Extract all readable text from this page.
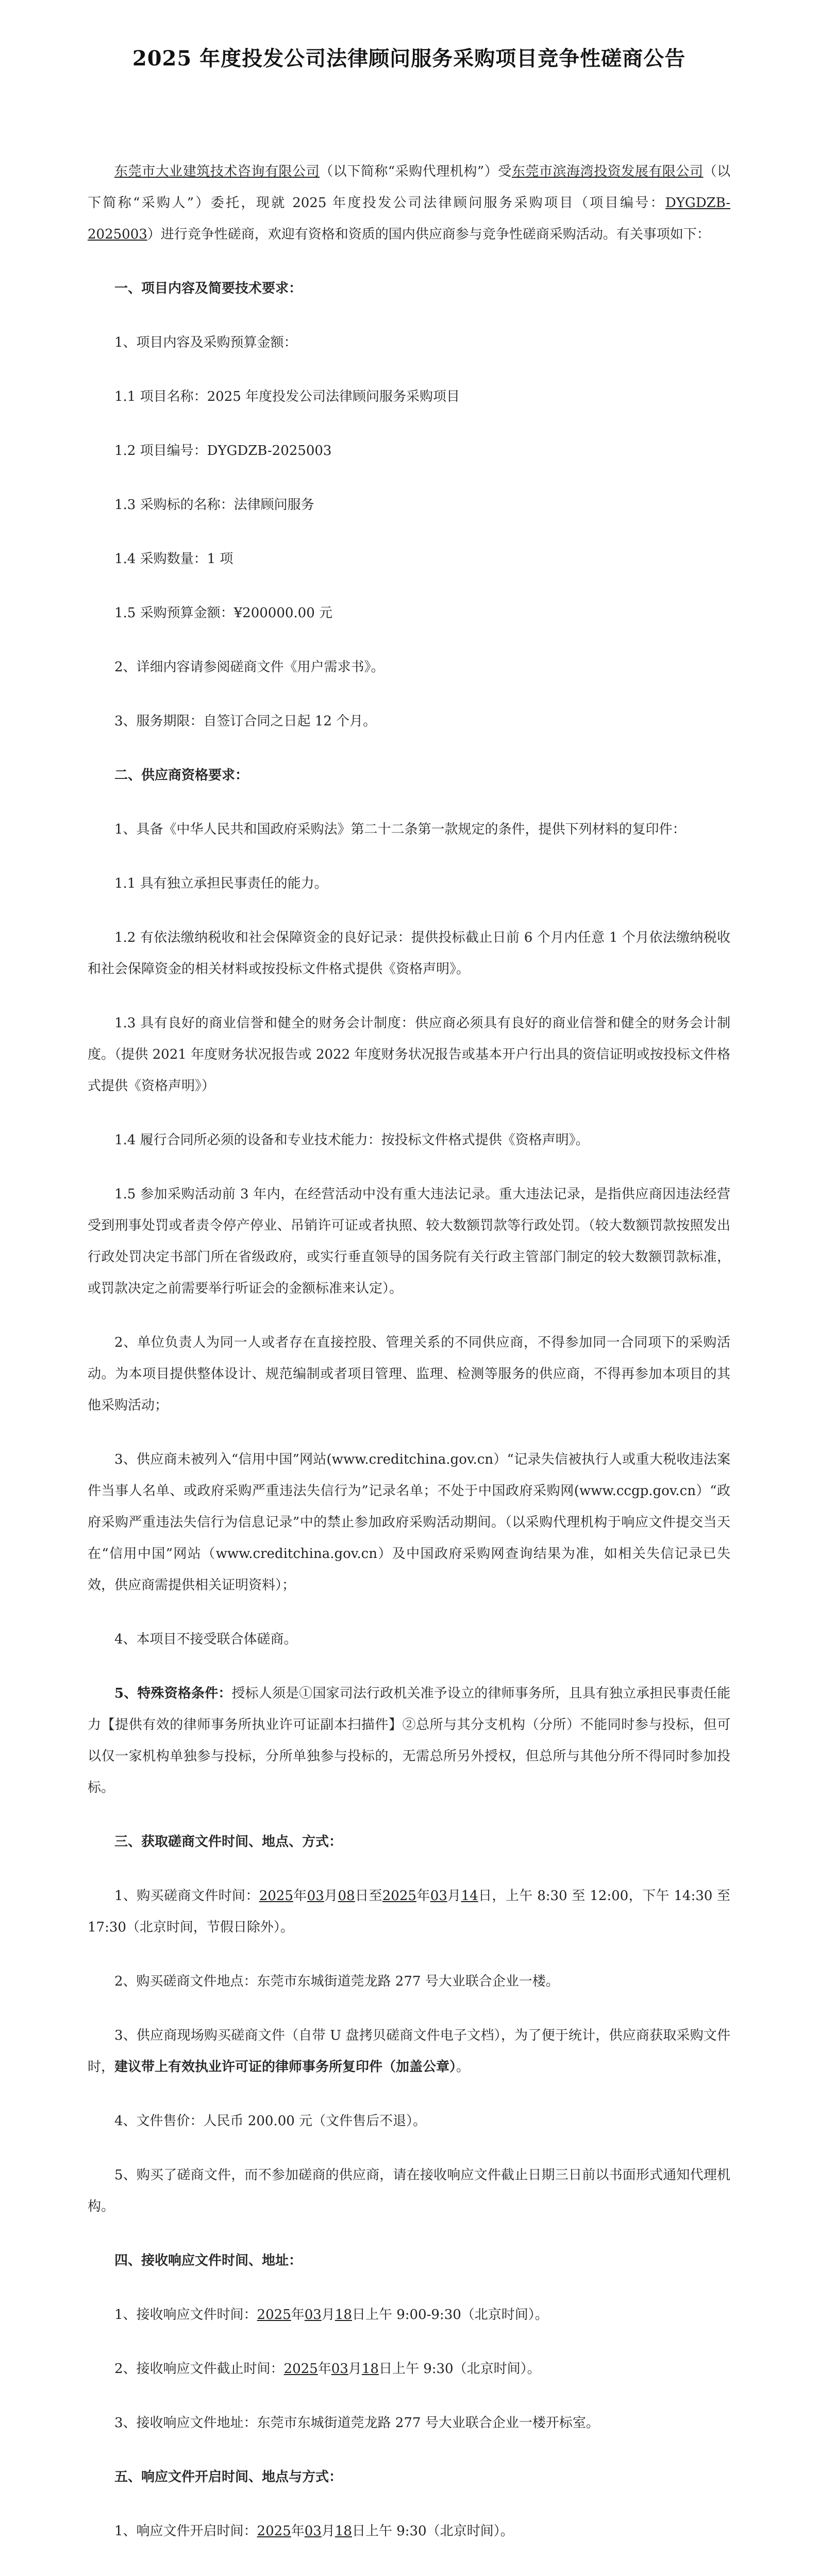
2025 年度投发公司法律顾问服务采购项目竞争性磋商公告

东莞市大业建筑技术咨询有限公司（以下简称“采购代理机构”）受东莞市滨海湾投资发展有限公司（以下简称“采购人”）委托，现就 2025 年度投发公司法律顾问服务采购项目（项目编号：DYGDZB-2025003）进行竞争性磋商，欢迎有资格和资质的国内供应商参与竞争性磋商采购活动。有关事项如下：

一、项目内容及简要技术要求：

1、项目内容及采购预算金额：

1.1 项目名称：2025 年度投发公司法律顾问服务采购项目

1.2 项目编号：DYGDZB-2025003

1.3 采购标的名称：法律顾问服务

1.4 采购数量：1 项

1.5 采购预算金额：¥200000.00 元

2、详细内容请参阅磋商文件《用户需求书》。

3、服务期限：自签订合同之日起 12 个月。

二、供应商资格要求：

1、具备《中华人民共和国政府采购法》第二十二条第一款规定的条件，提供下列材料的复印件：

1.1 具有独立承担民事责任的能力。

1.2 有依法缴纳税收和社会保障资金的良好记录：提供投标截止日前 6 个月内任意 1 个月依法缴纳税收和社会保障资金的相关材料或按投标文件格式提供《资格声明》。

1.3 具有良好的商业信誉和健全的财务会计制度：供应商必须具有良好的商业信誉和健全的财务会计制度。（提供 2021 年度财务状况报告或 2022 年度财务状况报告或基本开户行出具的资信证明或按投标文件格式提供《资格声明》）

1.4 履行合同所必须的设备和专业技术能力：按投标文件格式提供《资格声明》。

1.5 参加采购活动前 3 年内，在经营活动中没有重大违法记录。重大违法记录，是指供应商因违法经营受到刑事处罚或者责令停产停业、吊销许可证或者执照、较大数额罚款等行政处罚。（较大数额罚款按照发出行政处罚决定书部门所在省级政府，或实行垂直领导的国务院有关行政主管部门制定的较大数额罚款标准，或罚款决定之前需要举行听证会的金额标准来认定）。

2、单位负责人为同一人或者存在直接控股、管理关系的不同供应商，不得参加同一合同项下的采购活动。为本项目提供整体设计、规范编制或者项目管理、监理、检测等服务的供应商，不得再参加本项目的其他采购活动；

3、供应商未被列入“信用中国”网站(www.creditchina.gov.cn）“记录失信被执行人或重大税收违法案件当事人名单、或政府采购严重违法失信行为”记录名单；不处于中国政府采购网(www.ccgp.gov.cn）“政府采购严重违法失信行为信息记录”中的禁止参加政府采购活动期间。（以采购代理机构于响应文件提交当天在“信用中国”网站（www.creditchina.gov.cn）及中国政府采购网查询结果为准，如相关失信记录已失效，供应商需提供相关证明资料）；

4、本项目不接受联合体磋商。

5、特殊资格条件：授标人须是①国家司法行政机关准予设立的律师事务所，且具有独立承担民事责任能力【提供有效的律师事务所执业许可证副本扫描件】②总所与其分支机构（分所）不能同时参与投标，但可以仅一家机构单独参与投标，分所单独参与投标的，无需总所另外授权，但总所与其他分所不得同时参加投标。

三、获取磋商文件时间、地点、方式：

1、购买磋商文件时间：2025年03月08日至2025年03月14日，上午 8:30 至 12:00，下午 14:30 至 17:30（北京时间，节假日除外）。

2、购买磋商文件地点：东莞市东城街道莞龙路 277 号大业联合企业一楼。

3、供应商现场购买磋商文件（自带 U 盘拷贝磋商文件电子文档），为了便于统计，供应商获取采购文件时，建议带上有效执业许可证的律师事务所复印件（加盖公章）。

4、文件售价：人民币 200.00 元（文件售后不退）。

5、购买了磋商文件，而不参加磋商的供应商，请在接收响应文件截止日期三日前以书面形式通知代理机构。

四、接收响应文件时间、地址：

1、接收响应文件时间：2025年03月18日上午 9:00-9:30（北京时间）。

2、接收响应文件截止时间：2025年03月18日上午 9:30（北京时间）。

3、接收响应文件地址：东莞市东城街道莞龙路 277 号大业联合企业一楼开标室。

五、响应文件开启时间、地点与方式：

1、响应文件开启时间：2025年03月18日上午 9:30（北京时间）。
